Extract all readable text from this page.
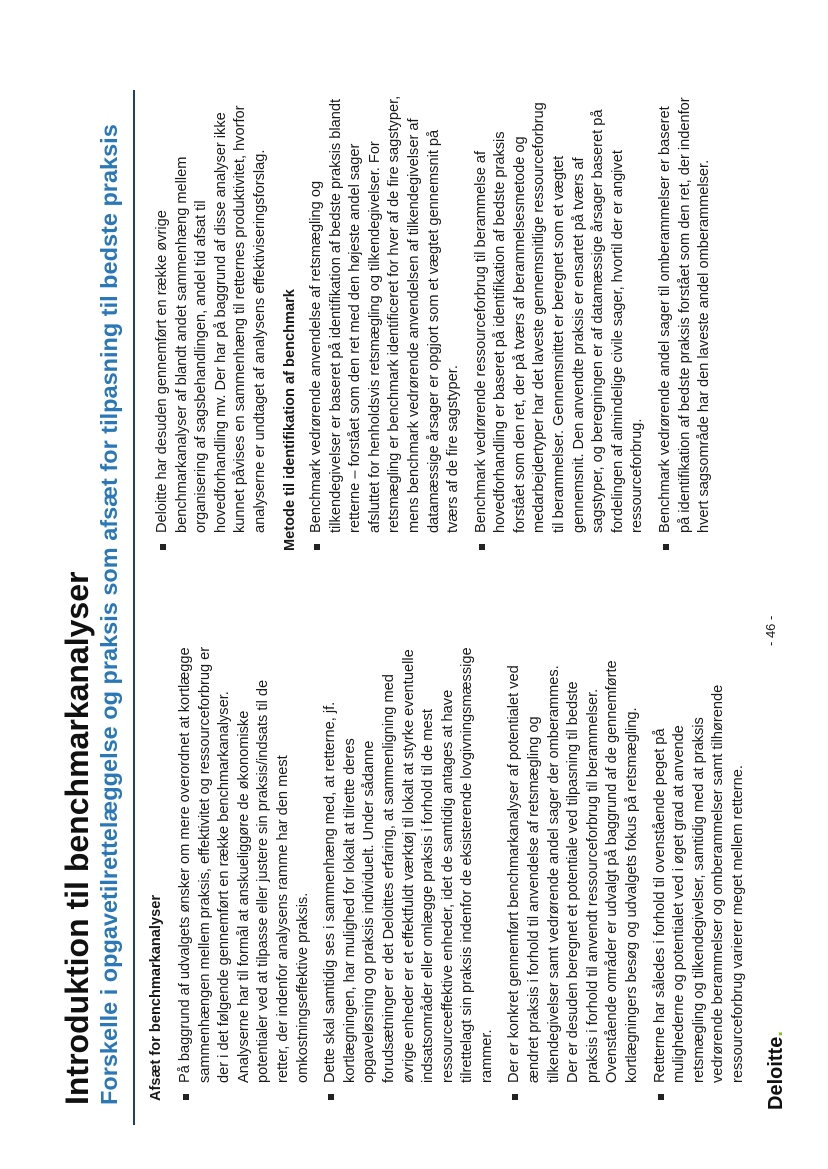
Introduktion til benchmarkanalyser Forskelle i opgavetilrettelæggelse og praksis som afsæt for tilpasning til bedste praksis Afsæt for benchmarkanalyser På baggrund af udvalgets ønsker om mere overordnet at kortlægge sammenhængen mellem praksis, effektivitet og ressourceforbrug er der i det følgende gennemført en række benchmarkanalyser. Analyserne har til formål at anskueliggøre de økonomiske potentialer ved at tilpasse eller justere sin praksis/indsats til de retter, der indenfor analysens ramme har den mest omkostningseffektive praksis. Dette skal samtidig ses i sammenhæng med, at retterne, jf. kortlægningen, har mulighed for lokalt at tilrette deres opgaveløsning og praksis individuelt. Under sådanne forudsætninger er det Deloittes erfaring, at sammenligning med øvrige enheder er et effektfuldt værktøj til lokalt at styrke eventuelle indsatsområder eller omlægge praksis i forhold til de mest ressourceeffektive enheder, idet de samtidig antages at have tilrettelagt sin praksis indenfor de eksisterende lovgivningsmæssige rammer. Der er konkret gennemført benchmarkanalyser af potentialet ved ændret praksis i forhold til anvendelse af retsmægling og tilkendegivelser samt vedrørende andel sager der omberammes. Der er desuden beregnet et potentiale ved tilpasning til bedste praksis i forhold til anvendt ressourceforbrug til berammelser. Ovenstående områder er udvalgt på baggrund af de gennemførte kortlægningers besøg og udvalgets fokus på retsmægling. Retterne har således i forhold til ovenstående peget på mulighederne og potentialet ved i øget grad at anvende retsmægling og tilkendegivelser, samtidig med at praksis vedrørende berammelser og omberammelser samt tilhørende ressourceforbrug varierer meget mellem retterne.
Deloitte har desuden gennemført en række øvrige benchmarkanalyser af blandt andet sammenhæng mellem organisering af sagsbehandlingen, andel tid afsat til hovedforhandling mv. Der har på baggrund af disse analyser ikke kunnet påvises en sammenhæng til retternes produktivitet, hvorfor analyserne er undtaget af analysens effektiviseringsforslag. Metode til identifikation af benchmark Benchmark vedrørende anvendelse af retsmægling og tilkendegivelser er baseret på identifikation af bedste praksis blandt retterne – forstået som den ret med den højeste andel sager afsluttet for henholdsvis retsmægling og tilkendegivelser. For retsmægling er benchmark identificeret for hver af de fire sagstyper, mens benchmark vedrørende anvendelsen af tilkendegivelser af datamæssige årsager er opgjort som et vægtet gennemsnit på tværs af de fire sagstyper. Benchmark vedrørende ressourceforbrug til berammelse af hovedforhandling er baseret på identifikation af bedste praksis forstået som den ret, der på tværs af berammelsesmetode og medarbejdertyper har det laveste gennemsnitlige ressourceforbrug til berammelser. Gennemsnittet er beregnet som et vægtet gennemsnit. Den anvendte praksis er ensartet på tværs af sagstyper, og beregningen er af datamæssige årsager baseret på fordelingen af almindelige civile sager, hvortil der er angivet ressourceforbrug. Benchmark vedrørende andel sager til omberammelser er baseret på identifikation af bedste praksis forstået som den ret, der indenfor hvert sagsområde har den laveste andel omberammelser.
Deloitte.
- 46 -
